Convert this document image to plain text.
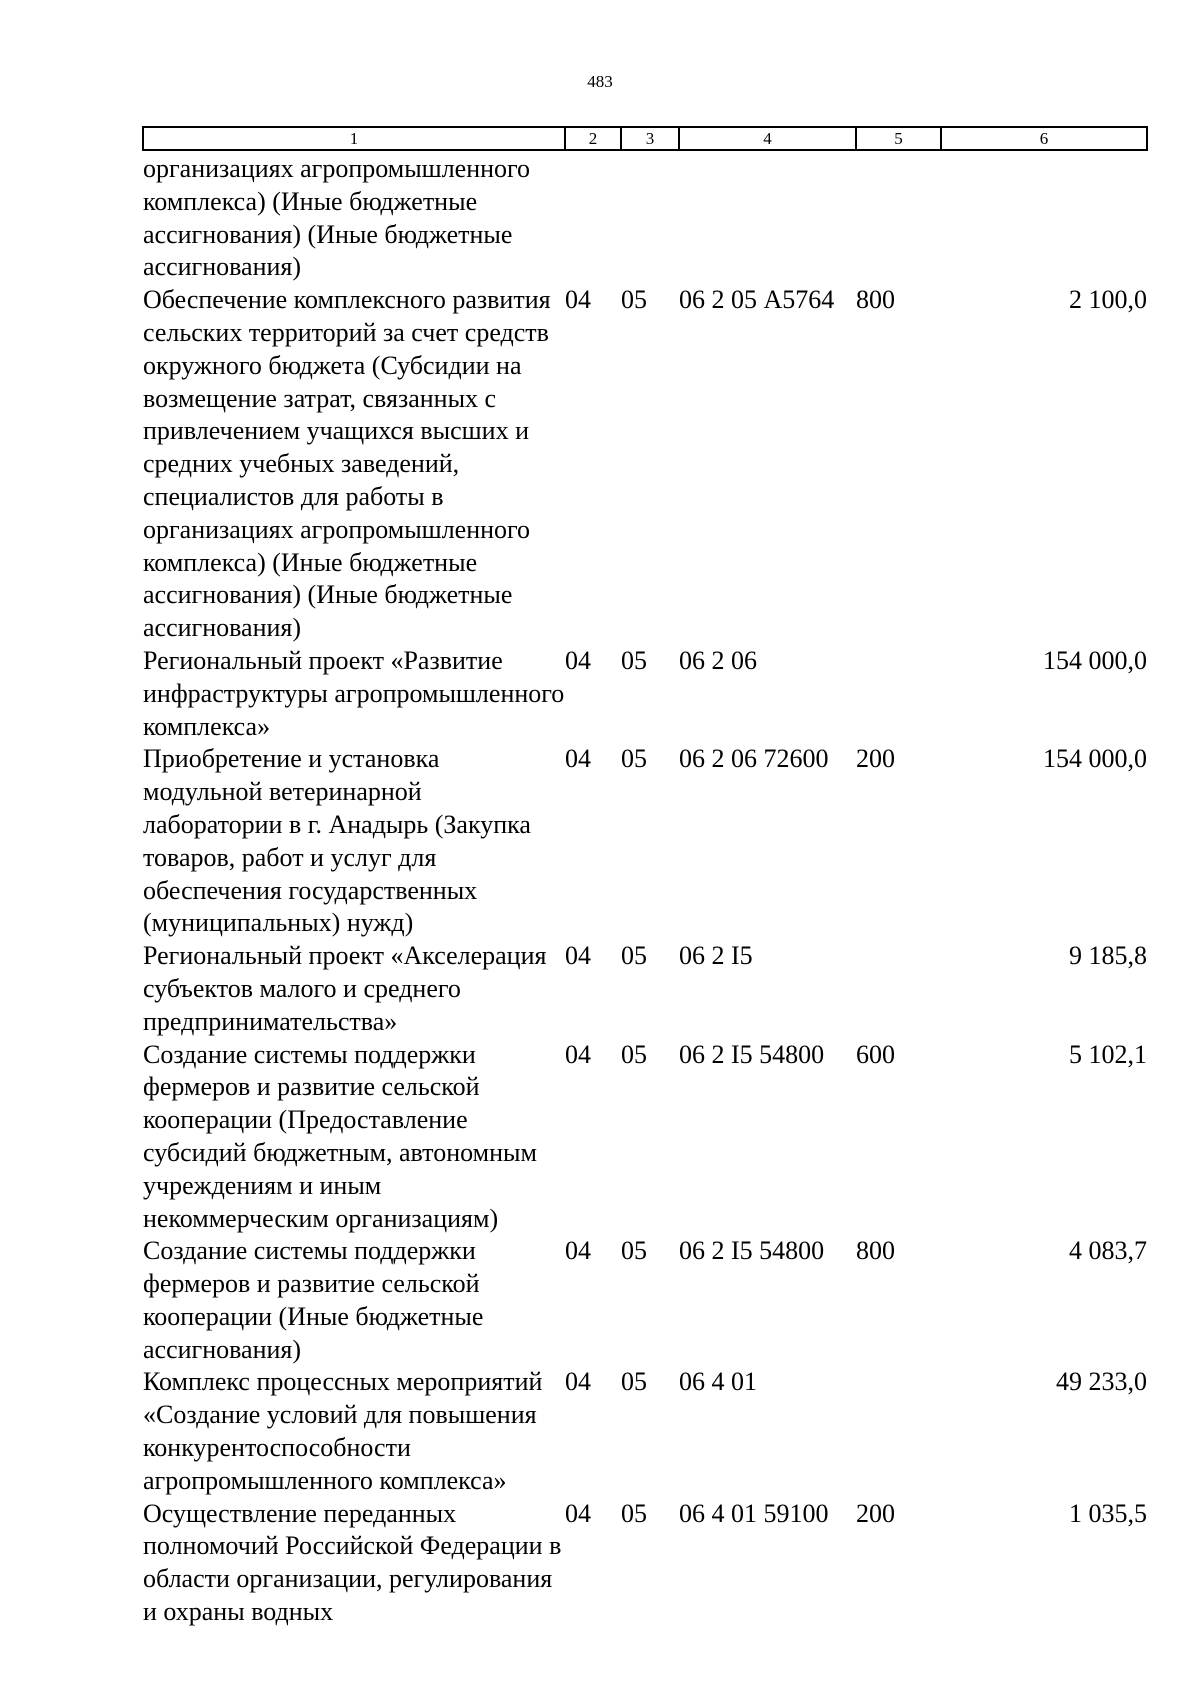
483
1	2	3	4	5	6
организациях агропромышленного комплекса) (Иные бюджетные ассигнования) (Иные бюджетные ассигнования)					
Обеспечение комплексного развития сельских территорий за счет средств окружного бюджета (Субсидии на возмещение затрат, связанных с привлечением учащихся высших и средних учебных заведений, специалистов для работы в организациях агропромышленного комплекса) (Иные бюджетные ассигнования) (Иные бюджетные ассигнования)	04	05	06 2 05 А5764	800	2 100,0
Региональный проект «Развитие инфраструктуры агропромышленного комплекса»	04	05	06 2 06		154 000,0
Приобретение и установка модульной ветеринарной лаборатории в г. Анадырь (Закупка товаров, работ и услуг для обеспечения государственных (муниципальных) нужд)	04	05	06 2 06 72600	200	154 000,0
Региональный проект «Акселерация субъектов малого и среднего предпринимательства»	04	05	06 2 I5		9 185,8
Создание системы поддержки фермеров и развитие сельской кооперации (Предоставление субсидий бюджетным, автономным учреждениям и иным некоммерческим организациям)	04	05	06 2 I5 54800	600	5 102,1
Создание системы поддержки фермеров и развитие сельской кооперации (Иные бюджетные ассигнования)	04	05	06 2 I5 54800	800	4 083,7
Комплекс процессных мероприятий «Создание условий для повышения конкурентоспособности агропромышленного комплекса»	04	05	06 4 01		49 233,0
Осуществление переданных полномочий Российской Федерации в области организации, регулирования и охраны водных	04	05	06 4 01 59100	200	1 035,5
